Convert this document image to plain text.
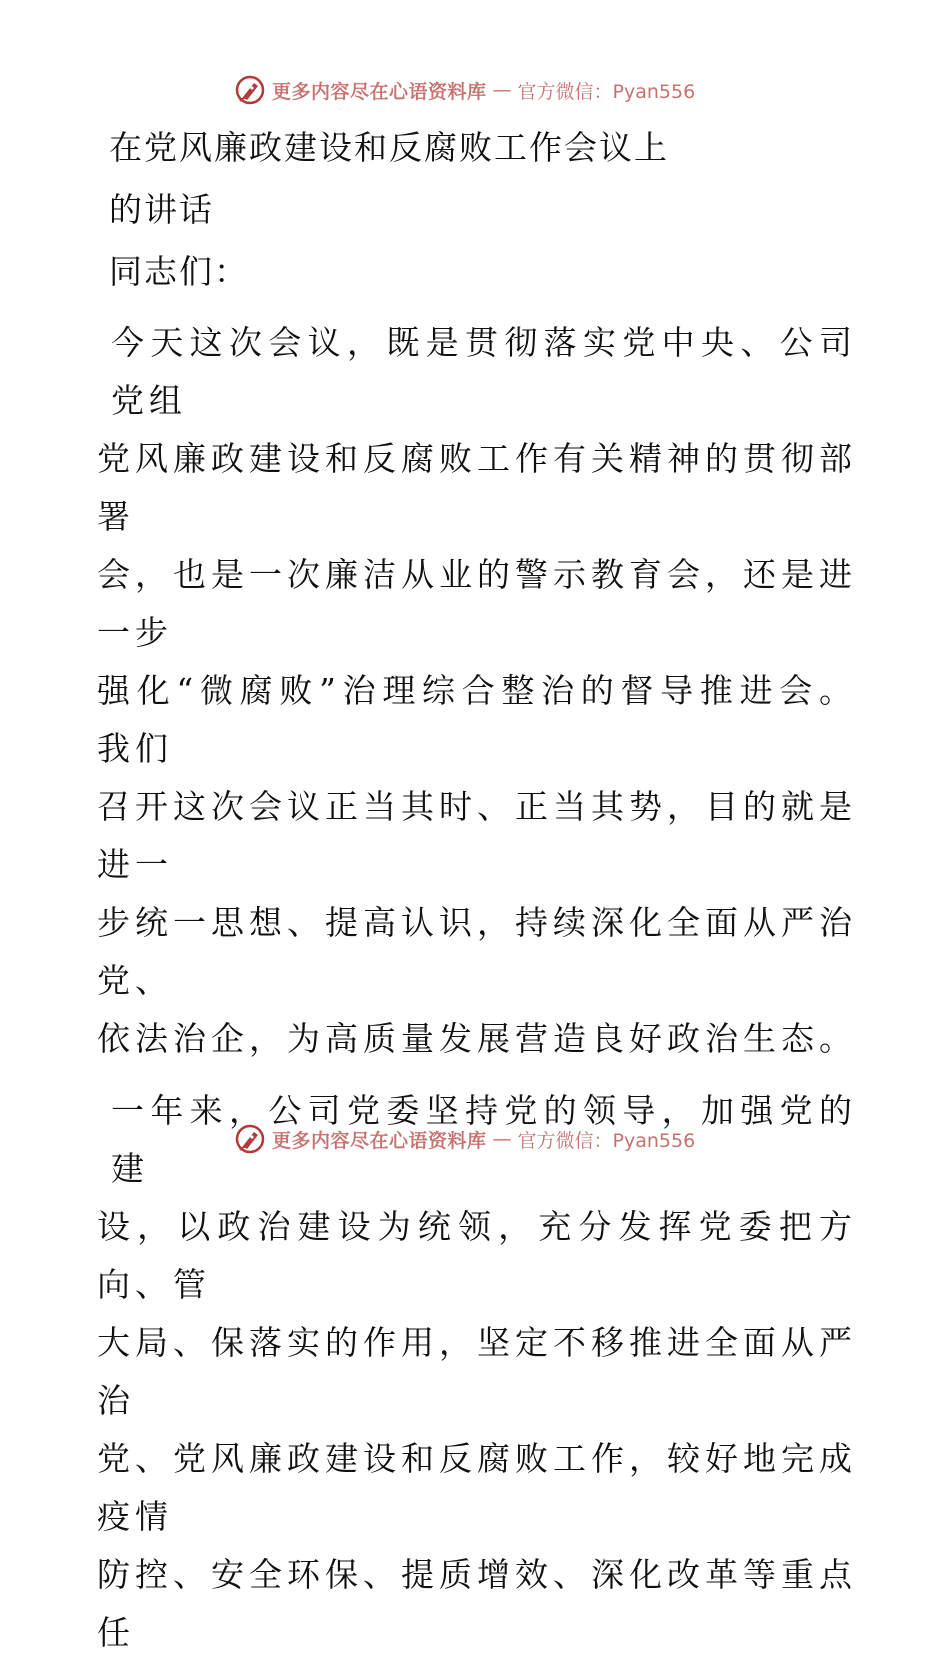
更多内容尽在心语资料库 — 官方微信：Pyan556
在党风廉政建设和反腐败工作会议上
的讲话
同志们：
今天这次会议，既是贯彻落实党中央、公司党组
党风廉政建设和反腐败工作有关精神的贯彻部署
会，也是一次廉洁从业的警示教育会，还是进一步
强化“微腐败”治理综合整治的督导推进会。我们
召开这次会议正当其时、正当其势，目的就是进一
步统一思想、提高认识，持续深化全面从严治党、
依法治企，为高质量发展营造良好政治生态。
一年来，公司党委坚持党的领导，加强党的建
设，以政治建设为统领，充分发挥党委把方向、管
大局、保落实的作用，坚定不移推进全面从严治
党、党风廉政建设和反腐败工作，较好地完成疫情
防控、安全环保、提质增效、深化改革等重点任
更多内容尽在心语资料库 — 官方微信：Pyan556
